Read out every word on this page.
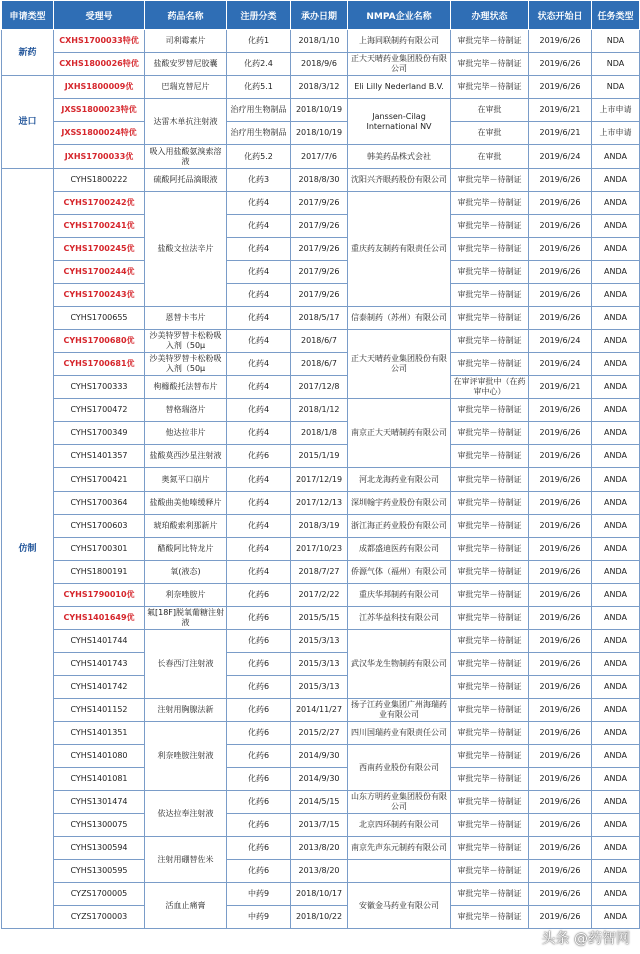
申请类型	受理号	药品名称	注册分类	承办日期	NMPA企业名称	办理状态	状态开始日	任务类型
新药	CXHS1700033特优	司利霉素片	化药1	2018/1/10	上海同联制药有限公司	审批完毕－待制证	2019/6/26	NDA
	CXHS1800026特优	盐酸安罗替尼胶囊	化药2.4	2018/9/6	正大天晴药业集团股份有限公司	审批完毕－待制证	2019/6/26	NDA
进口	JXHS1800009优	巴瑞克替尼片	化药5.1	2018/3/12	Eli Lilly Nederland B.V.	审批完毕－待制证	2019/6/26	NDA
	JXSS1800023特优	达雷木单抗注射液	治疗用生物制品	2018/10/19	Janssen-Cilag International NV	在审批	2019/6/21	上市申请
	JXSS1800024特优		治疗用生物制品	2018/10/19		在审批	2019/6/21	上市申请
	JXHS1700033优	吸入用盐酸氨溴索溶液	化药5.2	2017/7/6	韩美药品株式会社	在审批	2019/6/24	ANDA
仿制	CYHS1800222	硫酸阿托品滴眼液	化药3	2018/8/30	沈阳兴齐眼药股份有限公司	审批完毕－待制证	2019/6/26	ANDA
	CYHS1700242优	盐酸文拉法辛片	化药4	2017/9/26	重庆药友制药有限责任公司	审批完毕－待制证	2019/6/26	ANDA
	CYHS1700241优		化药4	2017/9/26		审批完毕－待制证	2019/6/26	ANDA
	CYHS1700245优		化药4	2017/9/26		审批完毕－待制证	2019/6/26	ANDA
	CYHS1700244优		化药4	2017/9/26		审批完毕－待制证	2019/6/26	ANDA
	CYHS1700243优		化药4	2017/9/26		审批完毕－待制证	2019/6/26	ANDA
	CYHS1700655	恩替卡韦片	化药4	2018/5/17	信泰制药（苏州）有限公司	审批完毕－待制证	2019/6/26	ANDA
	CYHS1700680优	沙美特罗替卡松粉吸入剂（50μ	化药4	2018/6/7	正大天晴药业集团股份有限公司	审批完毕－待制证	2019/6/24	ANDA
	CYHS1700681优	沙美特罗替卡松粉吸入剂（50μ	化药4	2018/6/7		审批完毕－待制证	2019/6/24	ANDA
	CYHS1700333	枸橼酸托法替布片	化药4	2017/12/8		在审评审批中（在药审中心）	2019/6/21	ANDA
	CYHS1700472	替格瑞洛片	化药4	2018/1/12	南京正大天晴制药有限公司	审批完毕－待制证	2019/6/26	ANDA
	CYHS1700349	他达拉非片	化药4	2018/1/8		审批完毕－待制证	2019/6/26	ANDA
	CYHS1401357	盐酸莫西沙星注射液	化药6	2015/1/19		审批完毕－待制证	2019/6/26	ANDA
	CYHS1700421	奥氮平口崩片	化药4	2017/12/19	河北龙海药业有限公司	审批完毕－待制证	2019/6/26	ANDA
	CYHS1700364	盐酸曲美他嗪缓释片	化药4	2017/12/13	深圳翰宇药业股份有限公司	审批完毕－待制证	2019/6/26	ANDA
	CYHS1700603	琥珀酸索利那新片	化药4	2018/3/19	浙江海正药业股份有限公司	审批完毕－待制证	2019/6/26	ANDA
	CYHS1700301	醋酸阿比特龙片	化药4	2017/10/23	成都盛迪医药有限公司	审批完毕－待制证	2019/6/26	ANDA
	CYHS1800191	氧(液态)	化药4	2018/7/27	侨源气体（福州）有限公司	审批完毕－待制证	2019/6/26	ANDA
	CYHS1790010优	利奈唑胺片	化药6	2017/2/22	重庆华邦制药有限公司	审批完毕－待制证	2019/6/26	ANDA
	CYHS1401649优	氟[18F]脱氧葡糖注射液	化药6	2015/5/15	江苏华益科技有限公司	审批完毕－待制证	2019/6/26	ANDA
	CYHS1401744	长春西汀注射液	化药6	2015/3/13	武汉华龙生物制药有限公司	审批完毕－待制证	2019/6/26	ANDA
	CYHS1401743		化药6	2015/3/13		审批完毕－待制证	2019/6/26	ANDA
	CYHS1401742		化药6	2015/3/13		审批完毕－待制证	2019/6/26	ANDA
	CYHS1401152	注射用胸腺法新	化药6	2014/11/27	扬子江药业集团广州海瑞药业有限公司	审批完毕－待制证	2019/6/26	ANDA
	CYHS1401351	利奈唑胺注射液	化药6	2015/2/27	四川国瑞药业有限责任公司	审批完毕－待制证	2019/6/26	ANDA
	CYHS1401080		化药6	2014/9/30	西南药业股份有限公司	审批完毕－待制证	2019/6/26	ANDA
	CYHS1401081		化药6	2014/9/30		审批完毕－待制证	2019/6/26	ANDA
	CYHS1301474	依达拉奉注射液	化药6	2014/5/15	山东方明药业集团股份有限公司	审批完毕－待制证	2019/6/26	ANDA
	CYHS1300075		化药6	2013/7/15	北京四环制药有限公司	审批完毕－待制证	2019/6/26	ANDA
	CYHS1300594	注射用硼替佐米	化药6	2013/8/20	南京先声东元制药有限公司	审批完毕－待制证	2019/6/26	ANDA
	CYHS1300595		化药6	2013/8/20		审批完毕－待制证	2019/6/26	ANDA
	CYZS1700005	活血止痛膏	中药9	2018/10/17	安徽金马药业有限公司	审批完毕－待制证	2019/6/26	ANDA
	CYZS1700003		中药9	2018/10/22		审批完毕－待制证	2019/6/26	ANDA
头条 @药智网
